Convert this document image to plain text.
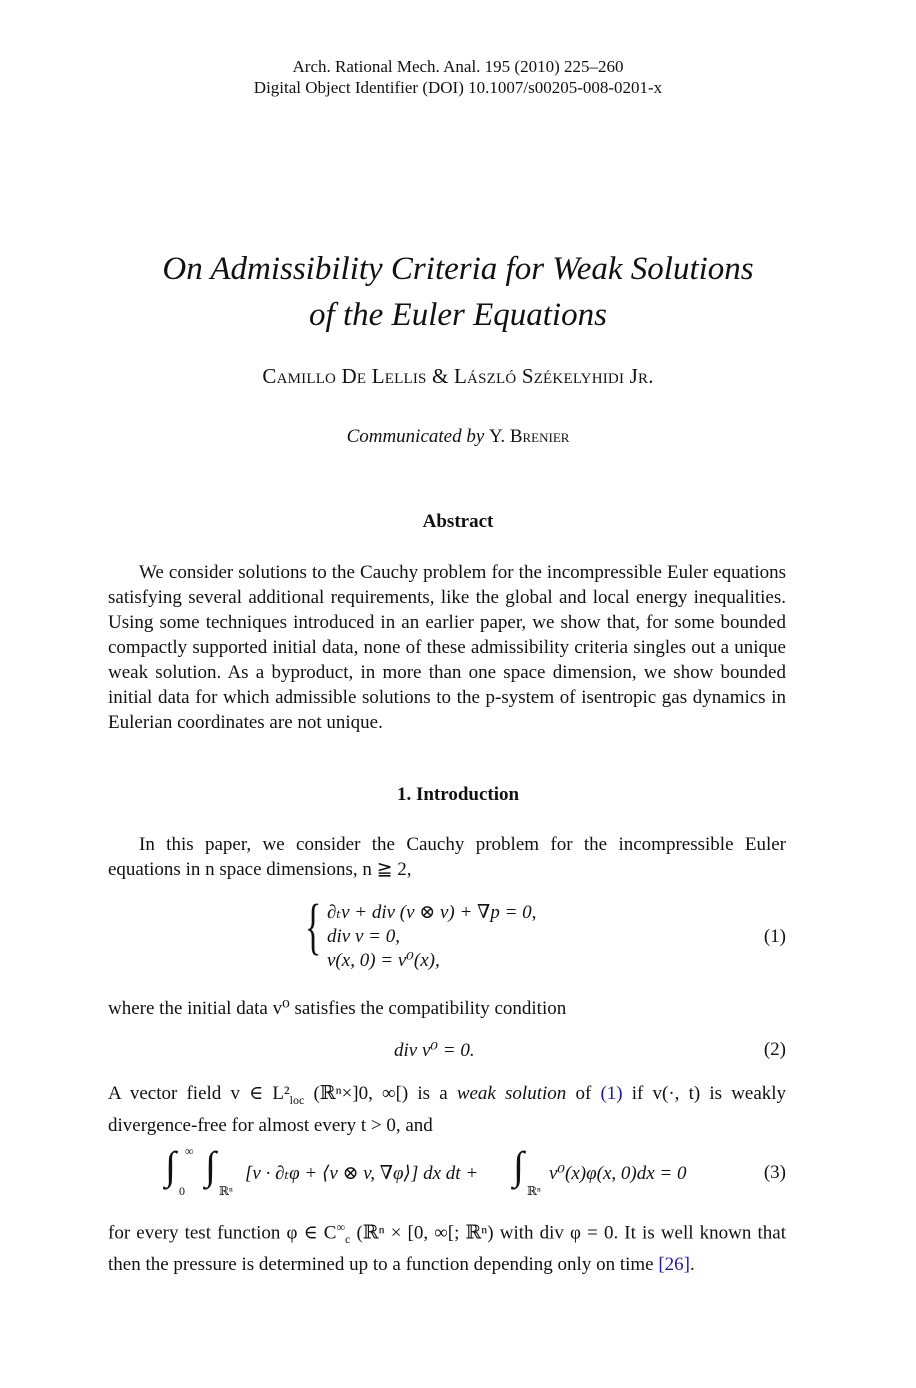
Arch. Rational Mech. Anal. 195 (2010) 225–260
Digital Object Identifier (DOI) 10.1007/s00205-008-0201-x
On Admissibility Criteria for Weak Solutions
of the Euler Equations
Camillo De Lellis & László Székelyhidi Jr.
Communicated by Y. Brenier
Abstract
We consider solutions to the Cauchy problem for the incompressible Euler equations satisfying several additional requirements, like the global and local energy inequalities. Using some techniques introduced in an earlier paper, we show that, for some bounded compactly supported initial data, none of these admissibility criteria singles out a unique weak solution. As a byproduct, in more than one space dimension, we show bounded initial data for which admissible solutions to the p-system of isentropic gas dynamics in Eulerian coordinates are not unique.
1. Introduction
In this paper, we consider the Cauchy problem for the incompressible Euler equations in n space dimensions, n ≧ 2,
{ ∂ₜv + div (v ⊗ v) + ∇p = 0,
div v = 0,
v(x, 0) = v⁰(x),
(1)
where the initial data v⁰ satisfies the compatibility condition
div v⁰ = 0.	(2)
A vector field v ∈ $L^2_{loc}$ (ℝⁿ×]0, ∞[) is a weak solution of (1) if v(·, t) is weakly divergence-free for almost every t > 0, and
∫ ∞
0
∫
ℝⁿ
[v · ∂ₜφ + ⟨v ⊗ v, ∇φ⟩] dx dt + ∫
ℝⁿ
v⁰(x)φ(x, 0)dx = 0	(3)
for every test function φ ∈ $C^\infty_c$ (ℝⁿ × [0, ∞[; ℝⁿ) with div φ = 0. It is well known that then the pressure is determined up to a function depending only on time [26].
